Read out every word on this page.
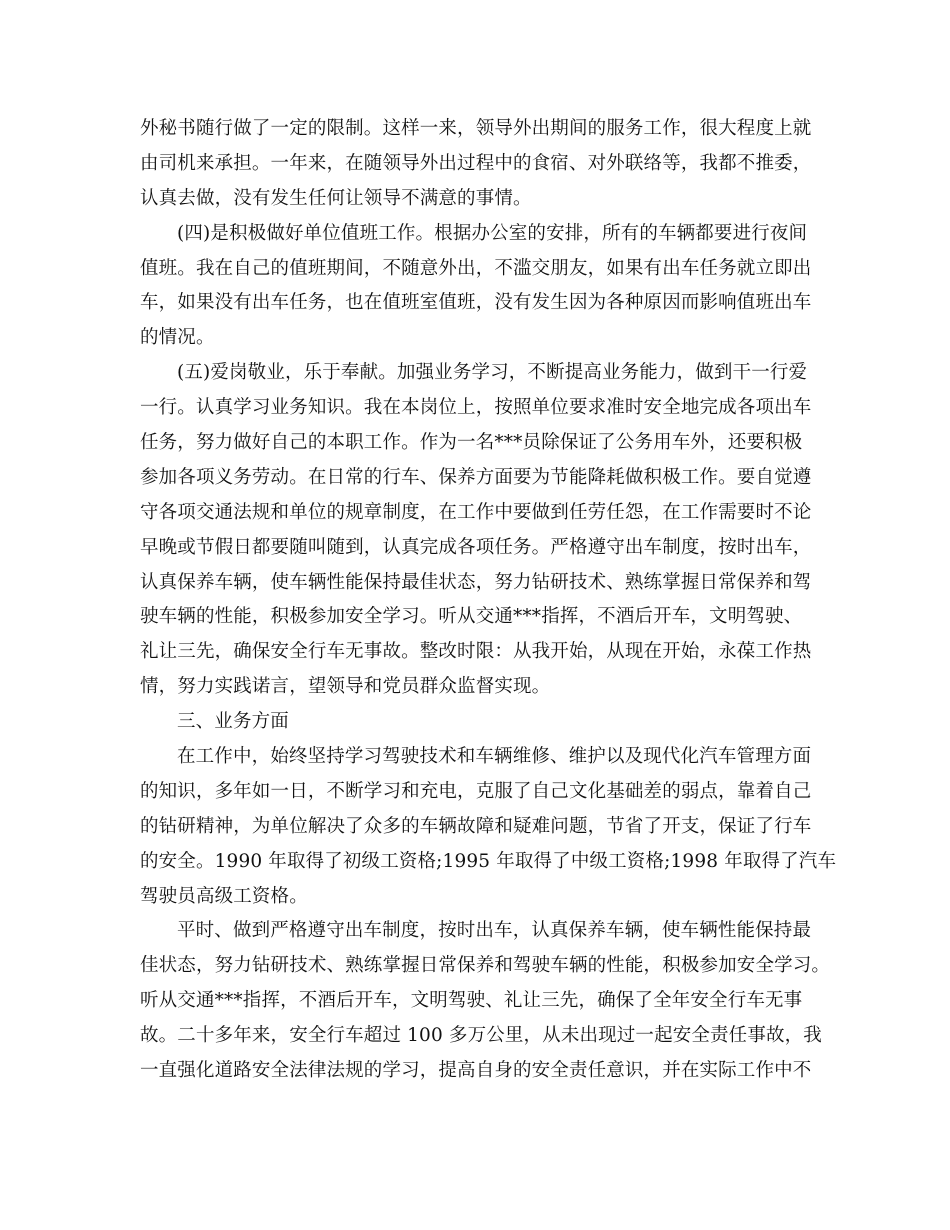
外秘书随行做了一定的限制。这样一来，领导外出期间的服务工作，很大程度上就
由司机来承担。一年来，在随领导外出过程中的食宿、对外联络等，我都不推委，
认真去做，没有发生任何让领导不满意的事情。
(四)是积极做好单位值班工作。根据办公室的安排，所有的车辆都要进行夜间
值班。我在自己的值班期间，不随意外出，不滥交朋友，如果有出车任务就立即出
车，如果没有出车任务，也在值班室值班，没有发生因为各种原因而影响值班出车
的情况。
(五)爱岗敬业，乐于奉献。加强业务学习，不断提高业务能力，做到干一行爱
一行。认真学习业务知识。我在本岗位上，按照单位要求准时安全地完成各项出车
任务，努力做好自己的本职工作。作为一名***员除保证了公务用车外，还要积极
参加各项义务劳动。在日常的行车、保养方面要为节能降耗做积极工作。要自觉遵
守各项交通法规和单位的规章制度，在工作中要做到任劳任怨，在工作需要时不论
早晚或节假日都要随叫随到，认真完成各项任务。严格遵守出车制度，按时出车，
认真保养车辆，使车辆性能保持最佳状态，努力钻研技术、熟练掌握日常保养和驾
驶车辆的性能，积极参加安全学习。听从交通***指挥，不酒后开车，文明驾驶、
礼让三先，确保安全行车无事故。整改时限：从我开始，从现在开始，永葆工作热
情，努力实践诺言，望领导和党员群众监督实现。
三、业务方面
在工作中，始终坚持学习驾驶技术和车辆维修、维护以及现代化汽车管理方面
的知识，多年如一日，不断学习和充电，克服了自己文化基础差的弱点，靠着自己
的钻研精神，为单位解决了众多的车辆故障和疑难问题，节省了开支，保证了行车
的安全。1990 年取得了初级工资格;1995 年取得了中级工资格;1998 年取得了汽车
驾驶员高级工资格。
平时、做到严格遵守出车制度，按时出车，认真保养车辆，使车辆性能保持最
佳状态，努力钻研技术、熟练掌握日常保养和驾驶车辆的性能，积极参加安全学习。
听从交通***指挥，不酒后开车，文明驾驶、礼让三先，确保了全年安全行车无事
故。二十多年来，安全行车超过 100 多万公里，从未出现过一起安全责任事故，我
一直强化道路安全法律法规的学习，提高自身的安全责任意识，并在实际工作中不
